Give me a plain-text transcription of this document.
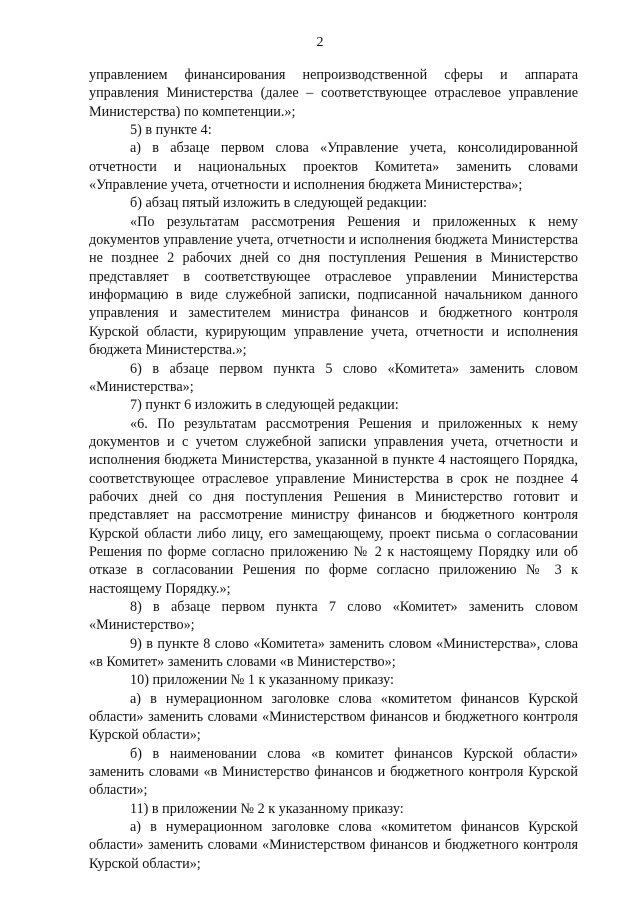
2

управлением финансирования непроизводственной сферы и аппарата управления Министерства (далее – соответствующее отраслевое управление Министерства) по компетенции.»;

5) в пункте 4:

а) в абзаце первом слова «Управление учета, консолидированной отчетности и национальных проектов Комитета» заменить словами «Управление учета, отчетности и исполнения бюджета Министерства»;

б) абзац пятый изложить в следующей редакции:

«По результатам рассмотрения Решения и приложенных к нему документов управление учета, отчетности и исполнения бюджета Министерства не позднее 2 рабочих дней со дня поступления Решения в Министерство представляет в соответствующее отраслевое управлении Министерства информацию в виде служебной записки, подписанной начальником данного управления и заместителем министра финансов и бюджетного контроля Курской области, курирующим управление учета, отчетности и исполнения бюджета Министерства.»;

6) в абзаце первом пункта 5 слово «Комитета» заменить словом «Министерства»;

7) пункт 6 изложить в следующей редакции:

«6. По результатам рассмотрения Решения и приложенных к нему документов и с учетом служебной записки управления учета, отчетности и исполнения бюджета Министерства, указанной в пункте 4 настоящего Порядка, соответствующее отраслевое управление Министерства в срок не позднее 4 рабочих дней со дня поступления Решения в Министерство готовит и представляет на рассмотрение министру финансов и бюджетного контроля Курской области либо лицу, его замещающему, проект письма о согласовании Решения по форме согласно приложению № 2 к настоящему Порядку или об отказе в согласовании Решения по форме согласно приложению № 3 к настоящему Порядку.»;

8) в абзаце первом пункта 7 слово «Комитет» заменить словом «Министерство»;

9) в пункте 8 слово «Комитета» заменить словом «Министерства», слова «в Комитет» заменить словами «в Министерство»;

10) приложении № 1 к указанному приказу:

а) в нумерационном заголовке слова «комитетом финансов Курской области» заменить словами «Министерством финансов и бюджетного контроля Курской области»;

б) в наименовании слова «в комитет финансов Курской области» заменить словами «в Министерство финансов и бюджетного контроля Курской области»;

11) в приложении № 2 к указанному приказу:

а) в нумерационном заголовке слова «комитетом финансов Курской области» заменить словами «Министерством финансов и бюджетного контроля Курской области»;
